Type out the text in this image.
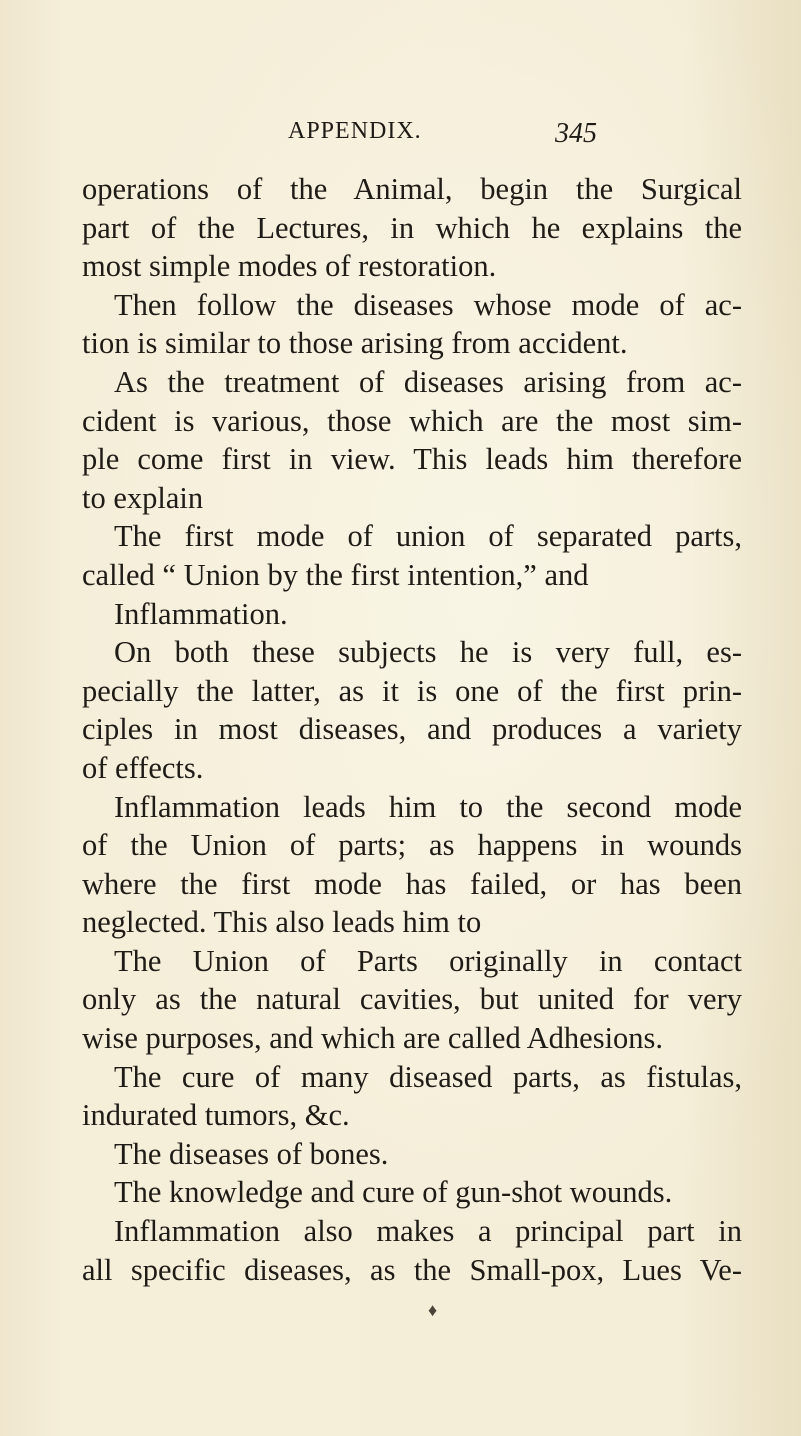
APPENDIX.	345
operations of the Animal, begin the Surgical
part of the Lectures, in which he explains the
most simple modes of restoration.
Then follow the diseases whose mode of ac-
tion is similar to those arising from accident.
As the treatment of diseases arising from ac-
cident is various, those which are the most sim-
ple come first in view. This leads him therefore
to explain
The first mode of union of separated parts,
called “ Union by the first intention,” and
Inflammation.
On both these subjects he is very full, es-
pecially the latter, as it is one of the first prin-
ciples in most diseases, and produces a variety
of effects.
Inflammation leads him to the second mode
of the Union of parts; as happens in wounds
where the first mode has failed, or has been
neglected. This also leads him to
The Union of Parts originally in contact
only as the natural cavities, but united for very
wise purposes, and which are called Adhesions.
The cure of many diseased parts, as fistulas,
indurated tumors, &c.
The diseases of bones.
The knowledge and cure of gun-shot wounds.
Inflammation also makes a principal part in
all specific diseases, as the Small-pox, Lues Ve-
♦
